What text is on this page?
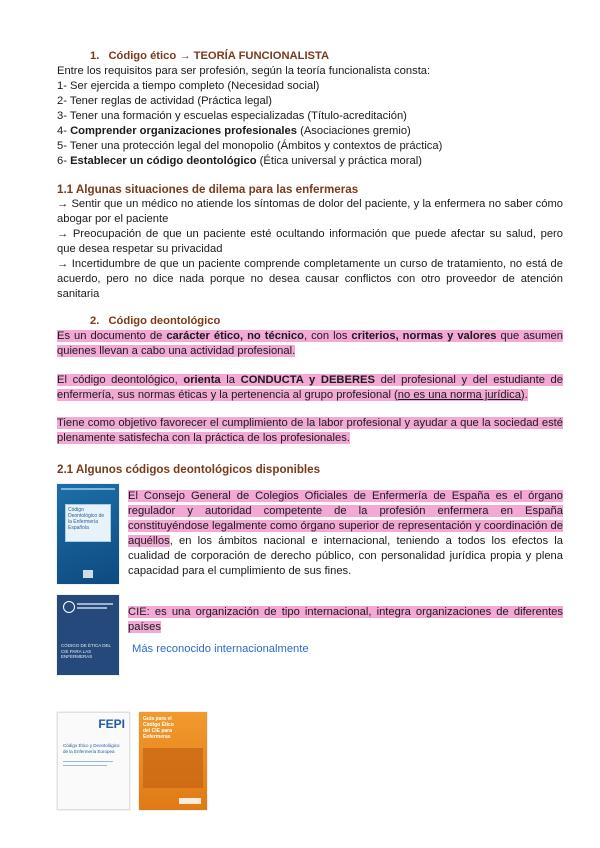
1. Código ético → TEORÍA FUNCIONALISTA
Entre los requisitos para ser profesión, según la teoría funcionalista consta:
1- Ser ejercida a tiempo completo (Necesidad social)
2- Tener reglas de actividad (Práctica legal)
3- Tener una formación y escuelas especializadas (Título-acreditación)
4- Comprender organizaciones profesionales (Asociaciones gremio)
5- Tener una protección legal del monopolio (Ámbitos y contextos de práctica)
6- Establecer un código deontológico (Ética universal y práctica moral)
1.1 Algunas situaciones de dilema para las enfermeras
→ Sentir que un médico no atiende los síntomas de dolor del paciente, y la enfermera no saber cómo abogar por el paciente
→ Preocupación de que un paciente esté ocultando información que puede afectar su salud, pero que desea respetar su privacidad
→ Incertidumbre de que un paciente comprende completamente un curso de tratamiento, no está de acuerdo, pero no dice nada porque no desea causar conflictos con otro proveedor de atención sanitaria
2. Código deontológico
Es un documento de carácter ético, no técnico, con los criterios, normas y valores que asumen quienes llevan a cabo una actividad profesional.
El código deontológico, orienta la CONDUCTA y DEBERES del profesional y del estudiante de enfermería, sus normas éticas y la pertenencia al grupo profesional (no es una norma jurídica).
Tiene como objetivo favorecer el cumplimiento de la labor profesional y ayudar a que la sociedad esté plenamente satisfecha con la práctica de los profesionales.
2.1 Algunos códigos deontológicos disponibles
Código Deontológico de la Enfermería Española
El Consejo General de Colegios Oficiales de Enfermería de España es el órgano regulador y autoridad competente de la profesión enfermera en España constituyéndose legalmente como órgano superior de representación y coordinación de aquéllos, en los ámbitos nacional e internacional, teniendo a todos los efectos la cualidad de corporación de derecho público, con personalidad jurídica propia y plena capacidad para el cumplimiento de sus fines.
CÓDIGO DE ÉTICA DEL CIE PARA LAS ENFERMERAS
CIE: es una organización de tipo internacional, integra organizaciones de diferentes países
Más reconocido internacionalmente
FEPI
Código Ético y Deontológico de la Enfermería Europea
Guía para el Código Ético del CIE para Enfermeras
